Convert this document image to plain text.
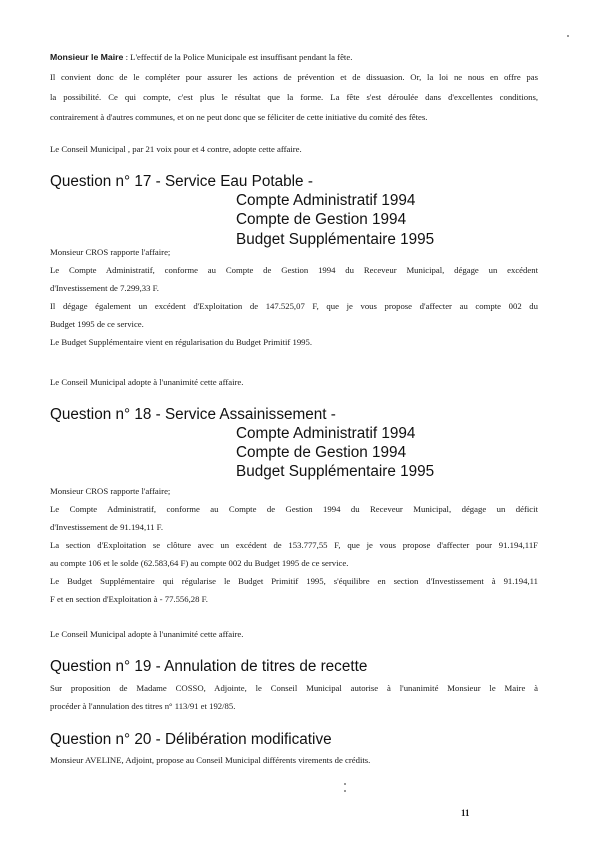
Monsieur le Maire : L'effectif de la Police Municipale est insuffisant pendant la fête.
Il convient donc de le compléter pour assurer les actions de prévention et de dissuasion. Or, la loi ne nous en offre pas
la possibilité. Ce qui compte, c'est plus le résultat que la forme. La fête s'est déroulée dans d'excellentes conditions,
contrairement à d'autres communes, et on ne peut donc que se féliciter de cette initiative du comité des fêtes.
Le Conseil Municipal , par 21 voix pour et 4 contre, adopte cette affaire.
Question n° 17 - Service Eau Potable -
Compte Administratif 1994
Compte de Gestion 1994
Budget Supplémentaire 1995
Monsieur CROS rapporte l'affaire;
Le Compte Administratif, conforme au Compte de Gestion 1994 du Receveur Municipal, dégage un excédent
d'Investissement de 7.299,33 F.
Il dégage également un excédent d'Exploitation de 147.525,07 F, que je vous propose d'affecter au compte 002 du
Budget 1995 de ce service.
Le Budget Supplémentaire vient en régularisation du Budget Primitif 1995.
Le Conseil Municipal adopte à l'unanimité cette affaire.
Question n° 18 - Service Assainissement -
Compte Administratif 1994
Compte de Gestion 1994
Budget Supplémentaire 1995
Monsieur CROS rapporte l'affaire;
Le Compte Administratif, conforme au Compte de Gestion 1994 du Receveur Municipal, dégage un déficit
d'Investissement de 91.194,11 F.
La section d'Exploitation se clôture avec un excédent de 153.777,55 F, que je vous propose d'affecter pour 91.194,11F
au compte 106 et le solde (62.583,64 F) au compte 002 du Budget 1995 de ce service.
Le Budget Supplémentaire qui régularise le Budget Primitif 1995, s'équilibre en section d'Investissement à 91.194,11
F et en section d'Exploitation à - 77.556,28 F.
Le Conseil Municipal adopte à l'unanimité cette affaire.
Question n° 19 - Annulation de titres de recette
Sur proposition de Madame COSSO, Adjointe, le Conseil Municipal autorise à l'unanimité Monsieur le Maire à
procéder à l'annulation des titres n° 113/91 et 192/85.
Question n° 20 - Délibération modificative
Monsieur AVELINE, Adjoint, propose au Conseil Municipal différents virements de crédits.
11
